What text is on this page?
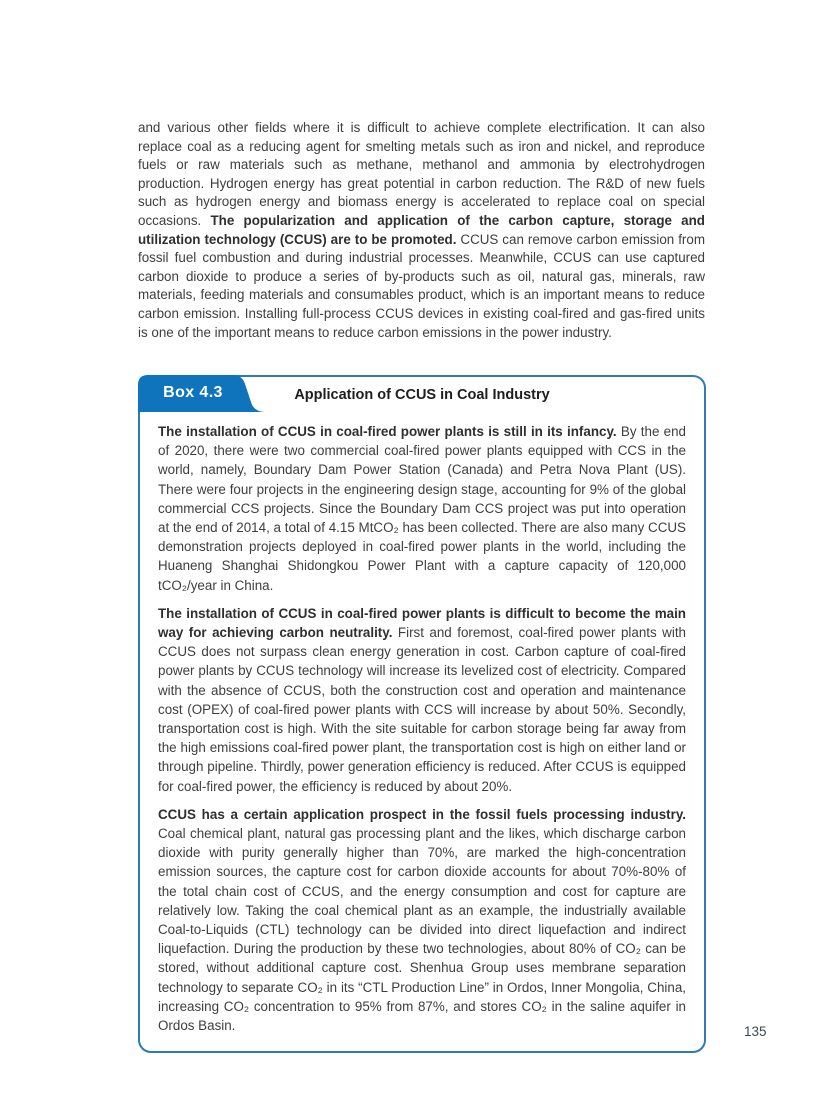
and various other fields where it is difficult to achieve complete electrification. It can also replace coal as a reducing agent for smelting metals such as iron and nickel, and reproduce fuels or raw materials such as methane, methanol and ammonia by electrohydrogen production. Hydrogen energy has great potential in carbon reduction. The R&D of new fuels such as hydrogen energy and biomass energy is accelerated to replace coal on special occasions. The popularization and application of the carbon capture, storage and utilization technology (CCUS) are to be promoted. CCUS can remove carbon emission from fossil fuel combustion and during industrial processes. Meanwhile, CCUS can use captured carbon dioxide to produce a series of by-products such as oil, natural gas, minerals, raw materials, feeding materials and consumables product, which is an important means to reduce carbon emission. Installing full-process CCUS devices in existing coal-fired and gas-fired units is one of the important means to reduce carbon emissions in the power industry.

Box 4.3	Application of CCUS in Coal Industry

The installation of CCUS in coal-fired power plants is still in its infancy. By the end of 2020, there were two commercial coal-fired power plants equipped with CCS in the world, namely, Boundary Dam Power Station (Canada) and Petra Nova Plant (US). There were four projects in the engineering design stage, accounting for 9% of the global commercial CCS projects. Since the Boundary Dam CCS project was put into operation at the end of 2014, a total of 4.15 MtCO₂ has been collected. There are also many CCUS demonstration projects deployed in coal-fired power plants in the world, including the Huaneng Shanghai Shidongkou Power Plant with a capture capacity of 120,000 tCO₂/year in China.

The installation of CCUS in coal-fired power plants is difficult to become the main way for achieving carbon neutrality. First and foremost, coal-fired power plants with CCUS does not surpass clean energy generation in cost. Carbon capture of coal-fired power plants by CCUS technology will increase its levelized cost of electricity. Compared with the absence of CCUS, both the construction cost and operation and maintenance cost (OPEX) of coal-fired power plants with CCS will increase by about 50%. Secondly, transportation cost is high. With the site suitable for carbon storage being far away from the high emissions coal-fired power plant, the transportation cost is high on either land or through pipeline. Thirdly, power generation efficiency is reduced. After CCUS is equipped for coal-fired power, the efficiency is reduced by about 20%.

CCUS has a certain application prospect in the fossil fuels processing industry. Coal chemical plant, natural gas processing plant and the likes, which discharge carbon dioxide with purity generally higher than 70%, are marked the high-concentration emission sources, the capture cost for carbon dioxide accounts for about 70%-80% of the total chain cost of CCUS, and the energy consumption and cost for capture are relatively low. Taking the coal chemical plant as an example, the industrially available Coal-to-Liquids (CTL) technology can be divided into direct liquefaction and indirect liquefaction. During the production by these two technologies, about 80% of CO₂ can be stored, without additional capture cost. Shenhua Group uses membrane separation technology to separate CO₂ in its “CTL Production Line” in Ordos, Inner Mongolia, China, increasing CO₂ concentration to 95% from 87%, and stores CO₂ in the saline aquifer in Ordos Basin.	135
